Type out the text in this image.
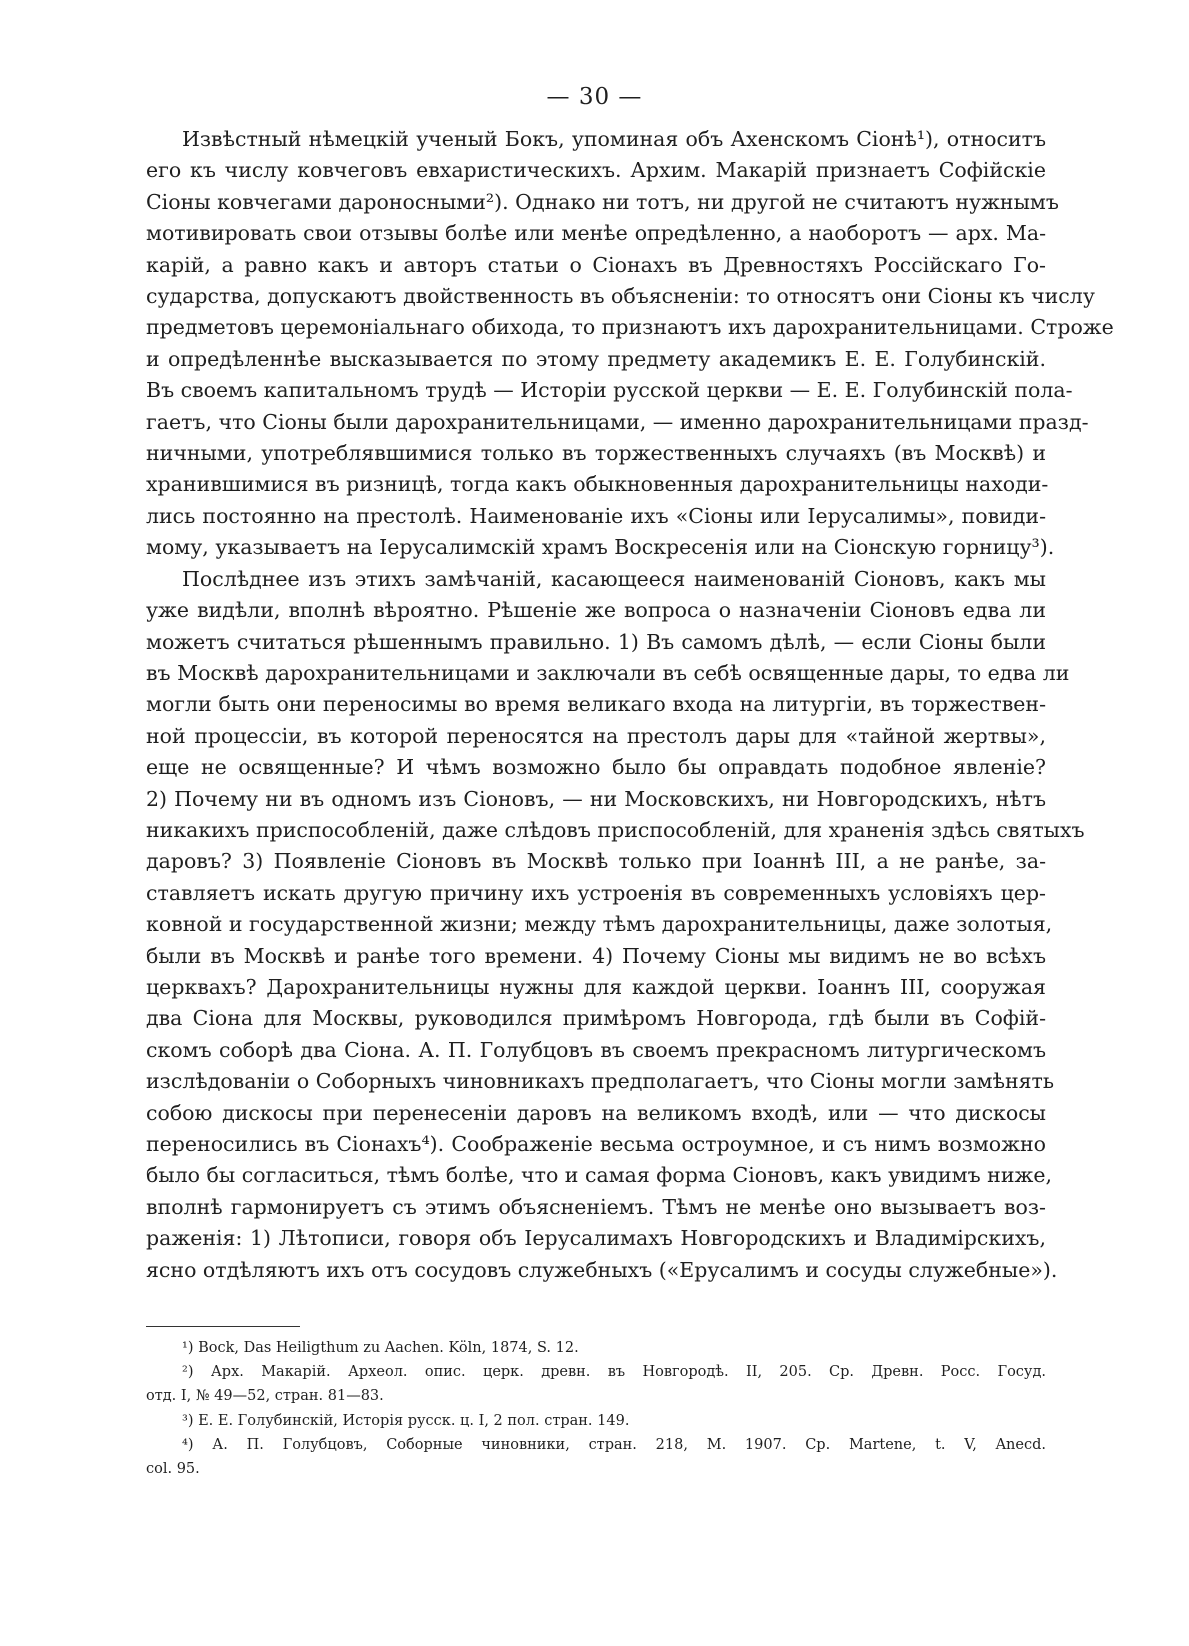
— 30 —
Извѣстный нѣмецкій ученый Бокъ, упоминая объ Ахенскомъ Сіонѣ¹), относитъ
его къ числу ковчеговъ евхаристическихъ. Архим. Макарій признаетъ Софійскіе
Сіоны ковчегами дароносными²). Однако ни тотъ, ни другой не считаютъ нужнымъ
мотивировать свои отзывы болѣе или менѣе опредѣленно, а наоборотъ — арх. Ма-
карій, а равно какъ и авторъ статьи о Сіонахъ въ Древностяхъ Россійскаго Го-
сударства, допускаютъ двойственность въ объясненіи: то относятъ они Сіоны къ числу
предметовъ церемоніальнаго обихода, то признаютъ ихъ дарохранительницами. Строже
и опредѣленнѣе высказывается по этому предмету академикъ Е. Е. Голубинскій.
Въ своемъ капитальномъ трудѣ — Исторіи русской церкви — Е. Е. Голубинскій пола-
гаетъ, что Сіоны были дарохранительницами, — именно дарохранительницами празд-
ничными, употреблявшимися только въ торжественныхъ случаяхъ (въ Москвѣ) и
хранившимися въ ризницѣ, тогда какъ обыкновенныя дарохранительницы находи-
лись постоянно на престолѣ. Наименованіе ихъ «Сіоны или Іерусалимы», повиди-
мому, указываетъ на Іерусалимскій храмъ Воскресенія или на Сіонскую горницу³).
Послѣднее изъ этихъ замѣчаній, касающееся наименованій Сіоновъ, какъ мы
уже видѣли, вполнѣ вѣроятно. Рѣшеніе же вопроса о назначеніи Сіоновъ едва ли
можетъ считаться рѣшеннымъ правильно. 1) Въ самомъ дѣлѣ, — если Сіоны были
въ Москвѣ дарохранительницами и заключали въ себѣ освященные дары, то едва ли
могли быть они переносимы во время великаго входа на литургіи, въ торжествен-
ной процессіи, въ которой переносятся на престолъ дары для «тайной жертвы»,
еще не освященные? И чѣмъ возможно было бы оправдать подобное явленіе?
2) Почему ни въ одномъ изъ Сіоновъ, — ни Московскихъ, ни Новгородскихъ, нѣтъ
никакихъ приспособленій, даже слѣдовъ приспособленій, для храненія здѣсь святыхъ
даровъ? 3) Появленіе Сіоновъ въ Москвѣ только при Іоаннѣ III, а не ранѣе, за-
ставляетъ искать другую причину ихъ устроенія въ современныхъ условіяхъ цер-
ковной и государственной жизни; между тѣмъ дарохранительницы, даже золотыя,
были въ Москвѣ и ранѣе того времени. 4) Почему Сіоны мы видимъ не во всѣхъ
церквахъ? Дарохранительницы нужны для каждой церкви. Іоаннъ III, сооружая
два Сіона для Москвы, руководился примѣромъ Новгорода, гдѣ были въ Софій-
скомъ соборѣ два Сіона. А. П. Голубцовъ въ своемъ прекрасномъ литургическомъ
изслѣдованіи о Соборныхъ чиновникахъ предполагаетъ, что Сіоны могли замѣнять
собою дискосы при перенесеніи даровъ на великомъ входѣ, или — что дискосы
переносились въ Сіонахъ⁴). Соображеніе весьма остроумное, и съ нимъ возможно
было бы согласиться, тѣмъ болѣе, что и самая форма Сіоновъ, какъ увидимъ ниже,
вполнѣ гармонируетъ съ этимъ объясненіемъ. Тѣмъ не менѣе оно вызываетъ воз-
раженія: 1) Лѣтописи, говоря объ Іерусалимахъ Новгородскихъ и Владимірскихъ,
ясно отдѣляютъ ихъ отъ сосудовъ служебныхъ («Ерусалимъ и сосуды служебные»).
¹) Bock, Das Heiligthum zu Aachen. Köln, 1874, S. 12.
²) Арх. Макарій. Археол. опис. церк. древн. въ Новгородѣ. II, 205. Ср. Древн. Росс. Госуд.
отд. I, № 49—52, стран. 81—83.
³) Е. Е. Голубинскій, Исторія русск. ц. I, 2 пол. стран. 149.
⁴) А. П. Голубцовъ, Соборные чиновники, стран. 218, М. 1907. Ср. Martene, t. V, Anecd.
col. 95.
